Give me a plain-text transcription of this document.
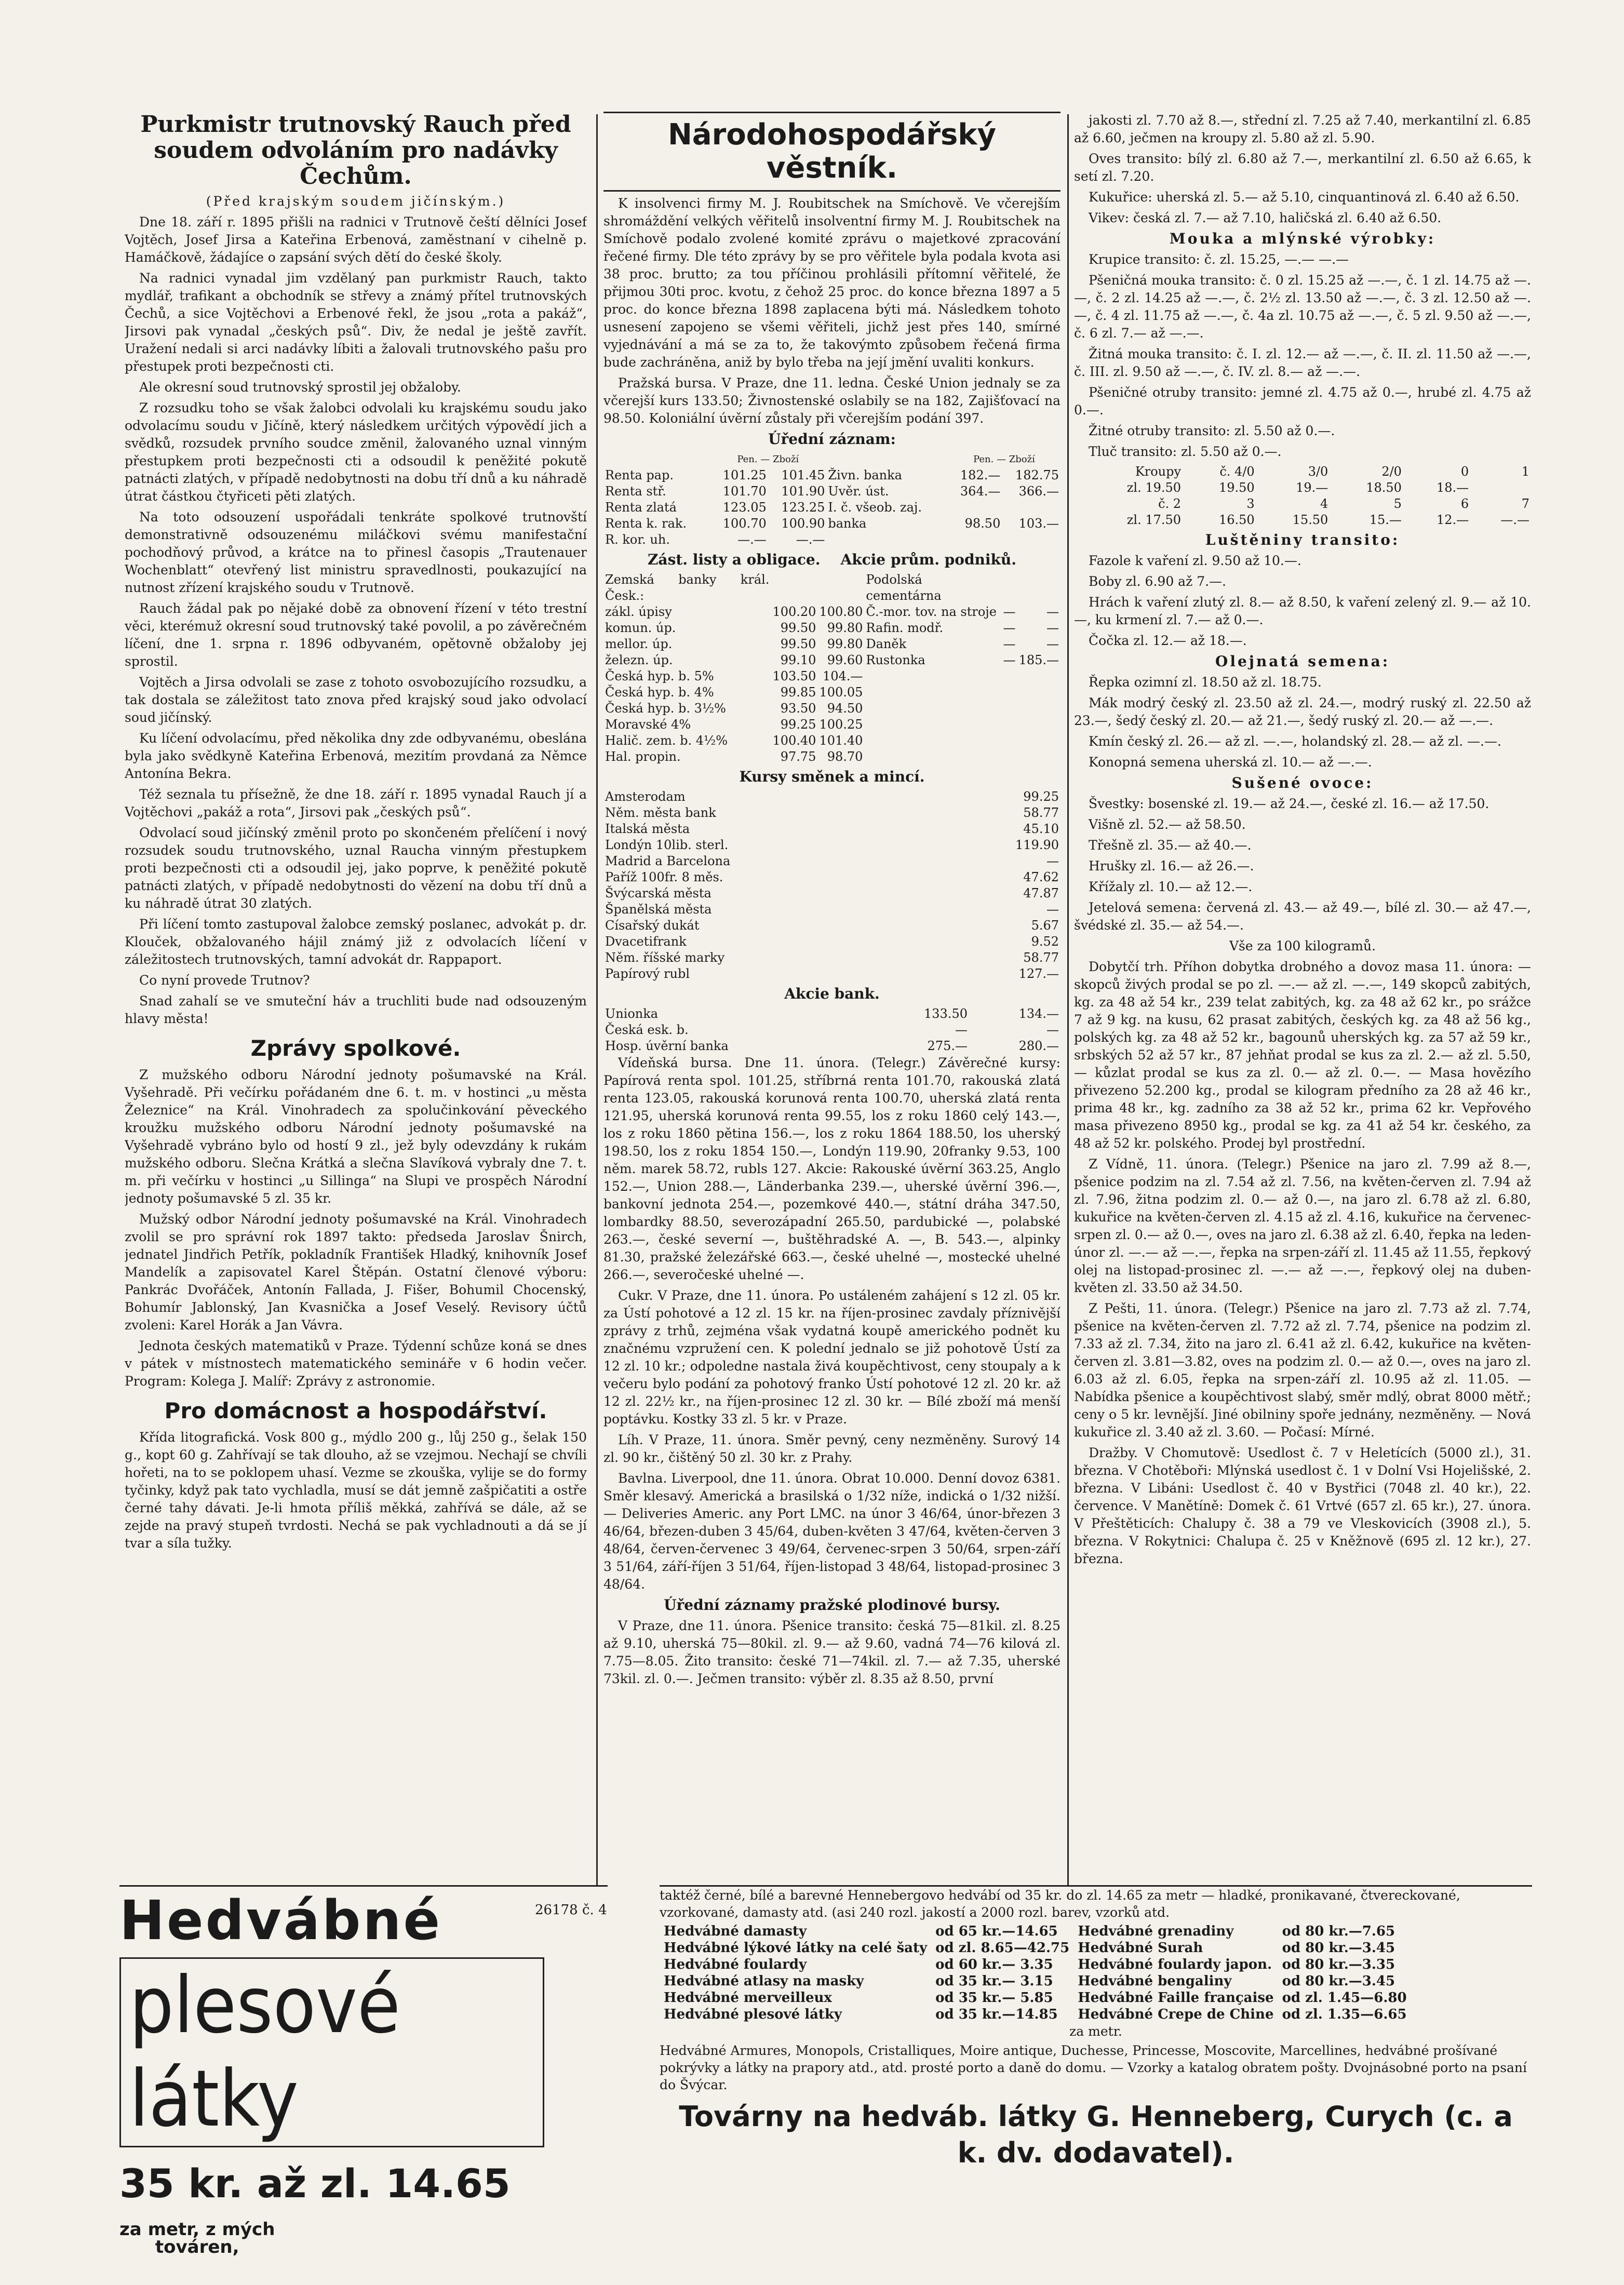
Purkmistr trutnovský Rauch před soudem odvoláním pro nadávky Čechům.

(Před krajským soudem jičínským.)

Dne 18. září r. 1895 přišli na radnici v Trutnově čeští dělníci Josef Vojtěch, Josef Jirsa a Kateřina Erbenová, zaměstnaní v cihelně p. Hamáčkově, žádajíce o zapsání svých dětí do české školy.

Na radnici vynadal jim vzdělaný pan purkmistr Rauch, takto mydlář, trafikant a obchodník se střevy a známý přítel trutnovských Čechů, a sice Vojtěchovi a Erbenové řekl, že jsou „rota a pakáž“, Jirsovi pak vynadal „českých psů“. Div, že nedal je ještě zavřít. Uražení nedali si arci nadávky líbiti a žalovali trutnovského pašu pro přestupek proti bezpečnosti cti.

Ale okresní soud trutnovský sprostil jej obžaloby.

Z rozsudku toho se však žalobci odvolali ku krajskému soudu jako odvolacímu soudu v Jičíně, který následkem určitých výpovědí jich a svědků, rozsudek prvního soudce změnil, žalovaného uznal vinným přestupkem proti bezpečnosti cti a odsoudil k peněžité pokutě patnácti zlatých, v případě nedobytnosti na dobu tří dnů a ku náhradě útrat částkou čtyřiceti pěti zlatých.

Na toto odsouzení uspořádali tenkráte spolkové trutnovští demonstrativně odsouzenému miláčkovi svému manifestační pochodňový průvod, a krátce na to přinesl časopis „Trautenauer Wochenblatt“ otevřený list ministru spravedlnosti, poukazující na nutnost zřízení krajského soudu v Trutnově.

Rauch žádal pak po nějaké době za obnovení řízení v této trestní věci, kterémuž okresní soud trutnovský také povolil, a po závěrečném líčení, dne 1. srpna r. 1896 odbyvaném, opětovně obžaloby jej sprostil.

Vojtěch a Jirsa odvolali se zase z tohoto osvobozujícího rozsudku, a tak dostala se záležitost tato znova před krajský soud jako odvolací soud jičínský.

Ku líčení odvolacímu, před několika dny zde odbyvanému, obeslána byla jako svědkyně Kateřina Erbenová, mezitím provdaná za Němce Antonína Bekra.

Též seznala tu přísežně, že dne 18. září r. 1895 vynadal Rauch jí a Vojtěchovi „pakáž a rota“, Jirsovi pak „českých psů“.

Odvolací soud jičínský změnil proto po skončeném přelíčení i nový rozsudek soudu trutnovského, uznal Raucha vinným přestupkem proti bezpečnosti cti a odsoudil jej, jako poprve, k peněžité pokutě patnácti zlatých, v případě nedobytnosti do vězení na dobu tří dnů a ku náhradě útrat 30 zlatých.

Při líčení tomto zastupoval žalobce zemský poslanec, advokát p. dr. Klouček, obžalovaného hájil známý již z odvolacích líčení v záležitostech trutnovských, tamní advokát dr. Rappaport.

Co nyní provede Trutnov?

Snad zahalí se ve smuteční háv a truchliti bude nad odsouzeným hlavy města!

Zprávy spolkové.

Z mužského odboru Národní jednoty pošumavské na Král. Vyšehradě. Při večírku pořádaném dne 6. t. m. v hostinci „u města Železnice“ na Král. Vinohradech za spolučinkování pěveckého kroužku mužského odboru Národní jednoty pošumavské na Vyšehradě vybráno bylo od hostí 9 zl., jež byly odevzdány k rukám mužského odboru. Slečna Krátká a slečna Slavíková vybraly dne 7. t. m. při večírku v hostinci „u Sillinga“ na Slupi ve prospěch Národní jednoty pošumavské 5 zl. 35 kr.

Mužský odbor Národní jednoty pošumavské na Král. Vinohradech zvolil se pro správní rok 1897 takto: předseda Jaroslav Šnirch, jednatel Jindřich Petřík, pokladník František Hladký, knihovník Josef Mandelík a zapisovatel Karel Štěpán. Ostatní členové výboru: Pankrác Dvořáček, Antonín Fallada, J. Fišer, Bohumil Chocenský, Bohumír Jablonský, Jan Kvasnička a Josef Veselý. Revisory účtů zvoleni: Karel Horák a Jan Vávra.

Jednota českých matematiků v Praze. Týdenní schůze koná se dnes v pátek v místnostech matematického semináře v 6 hodin večer. Program: Kolega J. Malíř: Zprávy z astronomie.

Pro domácnost a hospodářství.

Křída litografická. Vosk 800 g., mýdlo 200 g., lůj 250 g., šelak 150 g., kopt 60 g. Zahřívají se tak dlouho, až se vzejmou. Nechají se chvíli hořeti, na to se poklopem uhasí. Vezme se zkouška, vylije se do formy tyčinky, když pak tato vychladla, musí se dát jemně zašpičatiti a ostře černé tahy dávati. Je-li hmota příliš měkká, zahřívá se dále, až se zejde na pravý stupeň tvrdosti. Nechá se pak vychladnouti a dá se jí tvar a síla tužky.

Národohospodářský věstník.

K insolvenci firmy M. J. Roubitschek na Smíchově. Ve včerejším shromáždění velkých věřitelů insolventní firmy M. J. Roubitschek na Smíchově podalo zvolené komité zprávu o majetkové zpracování řečené firmy. Dle této zprávy by se pro věřitele byla podala kvota asi 38 proc. brutto; za tou příčinou prohlásili přítomní věřitelé, že přijmou 30ti proc. kvotu, z čehož 25 proc. do konce března 1897 a 5 proc. do konce března 1898 zaplacena býti má. Následkem tohoto usnesení zapojeno se všemi věřiteli, jichž jest přes 140, smírné vyjednávání a má se za to, že takovýmto způsobem řečená firma bude zachráněna, aniž by bylo třeba na její jmění uvaliti konkurs.

Pražská bursa. V Praze, dne 11. ledna. České Union jednaly se za včerejší kurs 133.50; Živnostenské oslabily se na 182, Zajišťovací na 98.50. Koloniální úvěrní zůstaly při včerejším podání 397.

Úřední záznam:
	Pen. — Zboží			Pen. — Zboží	
Renta pap.	101.25	101.45	Živn. banka	182.—	182.75
Renta stř.	101.70	101.90	Uvěr. úst.	364.—	366.—
Renta zlatá	123.05	123.25	I. č. všeob. zaj.		
Renta k. rak.	100.70	100.90	banka	98.50	103.—
R. kor. uh.	—.—	—.—			
Zást. listy a obligace. Akcie prům. podniků.
Zemská banky král. Česk.:			Podolská cementárna		
zákl. úpisy	100.20	100.80	Č.-mor. tov. na stroje	—	—
komun. úp.	99.50	99.80	Rafin. modř.	—	—
mellor. úp.	99.50	99.80	Daněk	—	—
železn. úp.	99.10	99.60	Rustonka	—	185.—
Česká hyp. b. 5%	103.50	104.—			
Česká hyp. b. 4%	99.85	100.05			
Česká hyp. b. 3½%	93.50	94.50			
Moravské 4%	99.25	100.25			
Halič. zem. b. 4½%	100.40	101.40			
Hal. propin.	97.75	98.70			
Kursy směnek a mincí.
Amsterodam	99.25
Něm. města bank	58.77
Italská města	45.10
Londýn 10lib. sterl.	119.90
Madrid a Barcelona	—
Paříž 100fr. 8 měs.	47.62
Švýcarská města	47.87
Španělská města	—
Císařský dukát	5.67
Dvacetifrank	9.52
Něm. říšské marky	58.77
Papírový rubl	127.—
Akcie bank.
Unionka	133.50	134.—
Česká esk. b.	—	—
Hosp. úvěrní banka	275.—	280.—

Vídeňská bursa. Dne 11. února. (Telegr.) Závěrečné kursy: Papírová renta spol. 101.25, stříbrná renta 101.70, rakouská zlatá renta 123.05, rakouská korunová renta 100.70, uherská zlatá renta 121.95, uherská korunová renta 99.55, los z roku 1860 celý 143.—, los z roku 1860 pětina 156.—, los z roku 1864 188.50, los uherský 198.50, los z roku 1854 150.—, Londýn 119.90, 20franky 9.53, 100 něm. marek 58.72, rubls 127. Akcie: Rakouské úvěrní 363.25, Anglo 152.—, Union 288.—, Länderbanka 239.—, uherské úvěrní 396.—, bankovní jednota 254.—, pozemkové 440.—, státní dráha 347.50, lombardky 88.50, severozápadní 265.50, pardubické —, polabské 263.—, české severní —, buštěhradské A. —, B. 543.—, alpinky 81.30, pražské železářské 663.—, české uhelné —, mostecké uhelné 266.—, severočeské uhelné —.

Cukr. V Praze, dne 11. února. Po ustáleném zahájení s 12 zl. 05 kr. za Ústí pohotové a 12 zl. 15 kr. na říjen-prosinec zavdaly příznivější zprávy z trhů, zejména však vydatná koupě amerického podnět ku značnému vzpružení cen. K polední jednalo se již pohotově Ústí za 12 zl. 10 kr.; odpoledne nastala živá koupěchtivost, ceny stoupaly a k večeru bylo podání za pohotový franko Ústí pohotové 12 zl. 20 kr. až 12 zl. 22½ kr., na říjen-prosinec 12 zl. 30 kr. — Bílé zboží má menší poptávku. Kostky 33 zl. 5 kr. v Praze.

Líh. V Praze, 11. února. Směr pevný, ceny nezměněny. Surový 14 zl. 90 kr., čištěný 50 zl. 30 kr. z Prahy.

Bavlna. Liverpool, dne 11. února. Obrat 10.000. Denní dovoz 6381. Směr klesavý. Americká a brasilská o 1/32 níže, indická o 1/32 nižší. — Deliveries Americ. any Port LMC. na únor 3 46/64, únor-březen 3 46/64, březen-duben 3 45/64, duben-květen 3 47/64, květen-červen 3 48/64, červen-červenec 3 49/64, červenec-srpen 3 50/64, srpen-září 3 51/64, září-říjen 3 51/64, říjen-listopad 3 48/64, listopad-prosinec 3 48/64.

Úřední záznamy pražské plodinové bursy.

V Praze, dne 11. února. Pšenice transito: česká 75—81kil. zl. 8.25 až 9.10, uherská 75—80kil. zl. 9.— až 9.60, vadná 74—76 kilová zl. 7.75—8.05. Žito transito: české 71—74kil. zl. 7.— až 7.35, uherské 73kil. zl. 0.—. Ječmen transito: výběr zl. 8.35 až 8.50, první

jakosti zl. 7.70 až 8.—, střední zl. 7.25 až 7.40, merkantilní zl. 6.85 až 6.60, ječmen na kroupy zl. 5.80 až zl. 5.90.

Oves transito: bílý zl. 6.80 až 7.—, merkantilní zl. 6.50 až 6.65, k setí zl. 7.20.

Kukuřice: uherská zl. 5.— až 5.10, cinquantinová zl. 6.40 až 6.50.

Vikev: česká zl. 7.— až 7.10, haličská zl. 6.40 až 6.50.

Mouka a mlýnské výrobky:

Krupice transito: č. zl. 15.25, —.— —.—

Pšeničná mouka transito: č. 0 zl. 15.25 až —.—, č. 1 zl. 14.75 až —.—, č. 2 zl. 14.25 až —.—, č. 2½ zl. 13.50 až —.—, č. 3 zl. 12.50 až —.—, č. 4 zl. 11.75 až —.—, č. 4a zl. 10.75 až —.—, č. 5 zl. 9.50 až —.—, č. 6 zl. 7.— až —.—.

Žitná mouka transito: č. I. zl. 12.— až —.—, č. II. zl. 11.50 až —.—, č. III. zl. 9.50 až —.—, č. IV. zl. 8.— až —.—.

Pšeničné otruby transito: jemné zl. 4.75 až 0.—, hrubé zl. 4.75 až 0.—.

Žitné otruby transito: zl. 5.50 až 0.—.

Tluč transito: zl. 5.50 až 0.—.

Kroupy	č. 4/0	3/0	2/0	0	1
zl. 19.50	19.50	19.—	18.50	18.—	
č. 2	3	4	5	6	7
zl. 17.50	16.50	15.50	15.—	12.—	—.—
Luštěniny transito:

Fazole k vaření zl. 9.50 až 10.—.

Boby zl. 6.90 až 7.—.

Hrách k vaření zlutý zl. 8.— až 8.50, k vaření zelený zl. 9.— až 10.—, ku krmení zl. 7.— až 0.—.

Čočka zl. 12.— až 18.—.

Olejnatá semena:

Řepka ozimní zl. 18.50 až zl. 18.75.

Mák modrý český zl. 23.50 až zl. 24.—, modrý ruský zl. 22.50 až 23.—, šedý český zl. 20.— až 21.—, šedý ruský zl. 20.— až —.—.

Kmín český zl. 26.— až zl. —.—, holandský zl. 28.— až zl. —.—.

Konopná semena uherská zl. 10.— až —.—.

Sušené ovoce:

Švestky: bosenské zl. 19.— až 24.—, české zl. 16.— až 17.50.

Višně zl. 52.— až 58.50.

Třešně zl. 35.— až 40.—.

Hrušky zl. 16.— až 26.—.

Křížaly zl. 10.— až 12.—.

Jetelová semena: červená zl. 43.— až 49.—, bílé zl. 30.— až 47.—, švédské zl. 35.— až 54.—.

Vše za 100 kilogramů.

Dobytčí trh. Příhon dobytka drobného a dovoz masa 11. února: — skopců živých prodal se po zl. —.— až zl. —.—, 149 skopců zabitých, kg. za 48 až 54 kr., 239 telat zabitých, kg. za 48 až 62 kr., po srážce 7 až 9 kg. na kusu, 62 prasat zabitých, českých kg. za 48 až 56 kg., polských kg. za 48 až 52 kr., bagounů uherských kg. za 57 až 59 kr., srbských 52 až 57 kr., 87 jehňat prodal se kus za zl. 2.— až zl. 5.50, — kůzlat prodal se kus za zl. 0.— až zl. 0.—. — Masa hovězího přivezeno 52.200 kg., prodal se kilogram předního za 28 až 46 kr., prima 48 kr., kg. zadního za 38 až 52 kr., prima 62 kr. Vepřového masa přivezeno 8950 kg., prodal se kg. za 41 až 54 kr. českého, za 48 až 52 kr. polského. Prodej byl prostřední.

Z Vídně, 11. února. (Telegr.) Pšenice na jaro zl. 7.99 až 8.—, pšenice podzim na zl. 7.54 až zl. 7.56, na květen-červen zl. 7.94 až zl. 7.96, žitna podzim zl. 0.— až 0.—, na jaro zl. 6.78 až zl. 6.80, kukuřice na květen-červen zl. 4.15 až zl. 4.16, kukuřice na červenec-srpen zl. 0.— až 0.—, oves na jaro zl. 6.38 až zl. 6.40, řepka na leden-únor zl. —.— až —.—, řepka na srpen-září zl. 11.45 až 11.55, řepkový olej na listopad-prosinec zl. —.— až —.—, řepkový olej na duben-květen zl. 33.50 až 34.50.

Z Pešti, 11. února. (Telegr.) Pšenice na jaro zl. 7.73 až zl. 7.74, pšenice na květen-červen zl. 7.72 až zl. 7.74, pšenice na podzim zl. 7.33 až zl. 7.34, žito na jaro zl. 6.41 až zl. 6.42, kukuřice na květen-červen zl. 3.81—3.82, oves na podzim zl. 0.— až 0.—, oves na jaro zl. 6.03 až zl. 6.05, řepka na srpen-září zl. 10.95 až zl. 11.05. — Nabídka pšenice a koupěchtivost slabý, směr mdlý, obrat 8000 mětř.; ceny o 5 kr. levnější. Jiné obilniny spoře jednány, nezměněny. — Nová kukuřice zl. 3.40 až zl. 3.60. — Počasí: Mírné.

Dražby. V Chomutově: Usedlost č. 7 v Heletících (5000 zl.), 31. března. V Chotěboři: Mlýnská usedlost č. 1 v Dolní Vsi Hojelišské, 2. března. V Libáni: Usedlost č. 40 v Bystřici (7048 zl. 40 kr.), 22. července. V Manětíně: Domek č. 61 Vrtvé (657 zl. 65 kr.), 27. února. V Přeštěticích: Chalupy č. 38 a 79 ve Vleskovicích (3908 zl.), 5. března. V Rokytnici: Chalupa č. 25 v Kněžnově (695 zl. 12 kr.), 27. března.

Hedvábné	26178 č. 4
plesové látky
35 kr. až zl. 14.65 za metr, z mých
továren,

taktéž černé, bílé a barevné Hennebergovo hedvábí od 35 kr. do zl. 14.65 za metr — hladké, pronikavané, čtvereckované, vzorkované, damasty atd. (asi 240 rozl. jakostí a 2000 rozl. barev, vzorků atd.

Hedvábné damasty	od 65 kr.—14.65	Hedvábné grenadiny	od 80 kr.—7.65
Hedvábné lýkové látky na celé šaty	od zl. 8.65—42.75	Hedvábné Surah	od 80 kr.—3.45
Hedvábné foulardy	od 60 kr.— 3.35	Hedvábné foulardy japon.	od 80 kr.—3.35
Hedvábné atlasy na masky	od 35 kr.— 3.15	Hedvábné bengaliny	od 80 kr.—3.45
Hedvábné merveilleux	od 35 kr.— 5.85	Hedvábné Faille française	od zl. 1.45—6.80
Hedvábné plesové látky	od 35 kr.—14.85	Hedvábné Crepe de Chine	od zl. 1.35—6.65

za metr.

Hedvábné Armures, Monopols, Cristalliques, Moire antique, Duchesse, Princesse, Moscovite, Marcellines, hedvábné prošívané pokrývky a látky na prapory atd., atd. prosté porto a daně do domu. — Vzorky a katalog obratem pošty. Dvojnásobné porto na psaní do Švýcar.

Továrny na hedváb. látky G. Henneberg, Curych (c. a k. dv. dodavatel).
